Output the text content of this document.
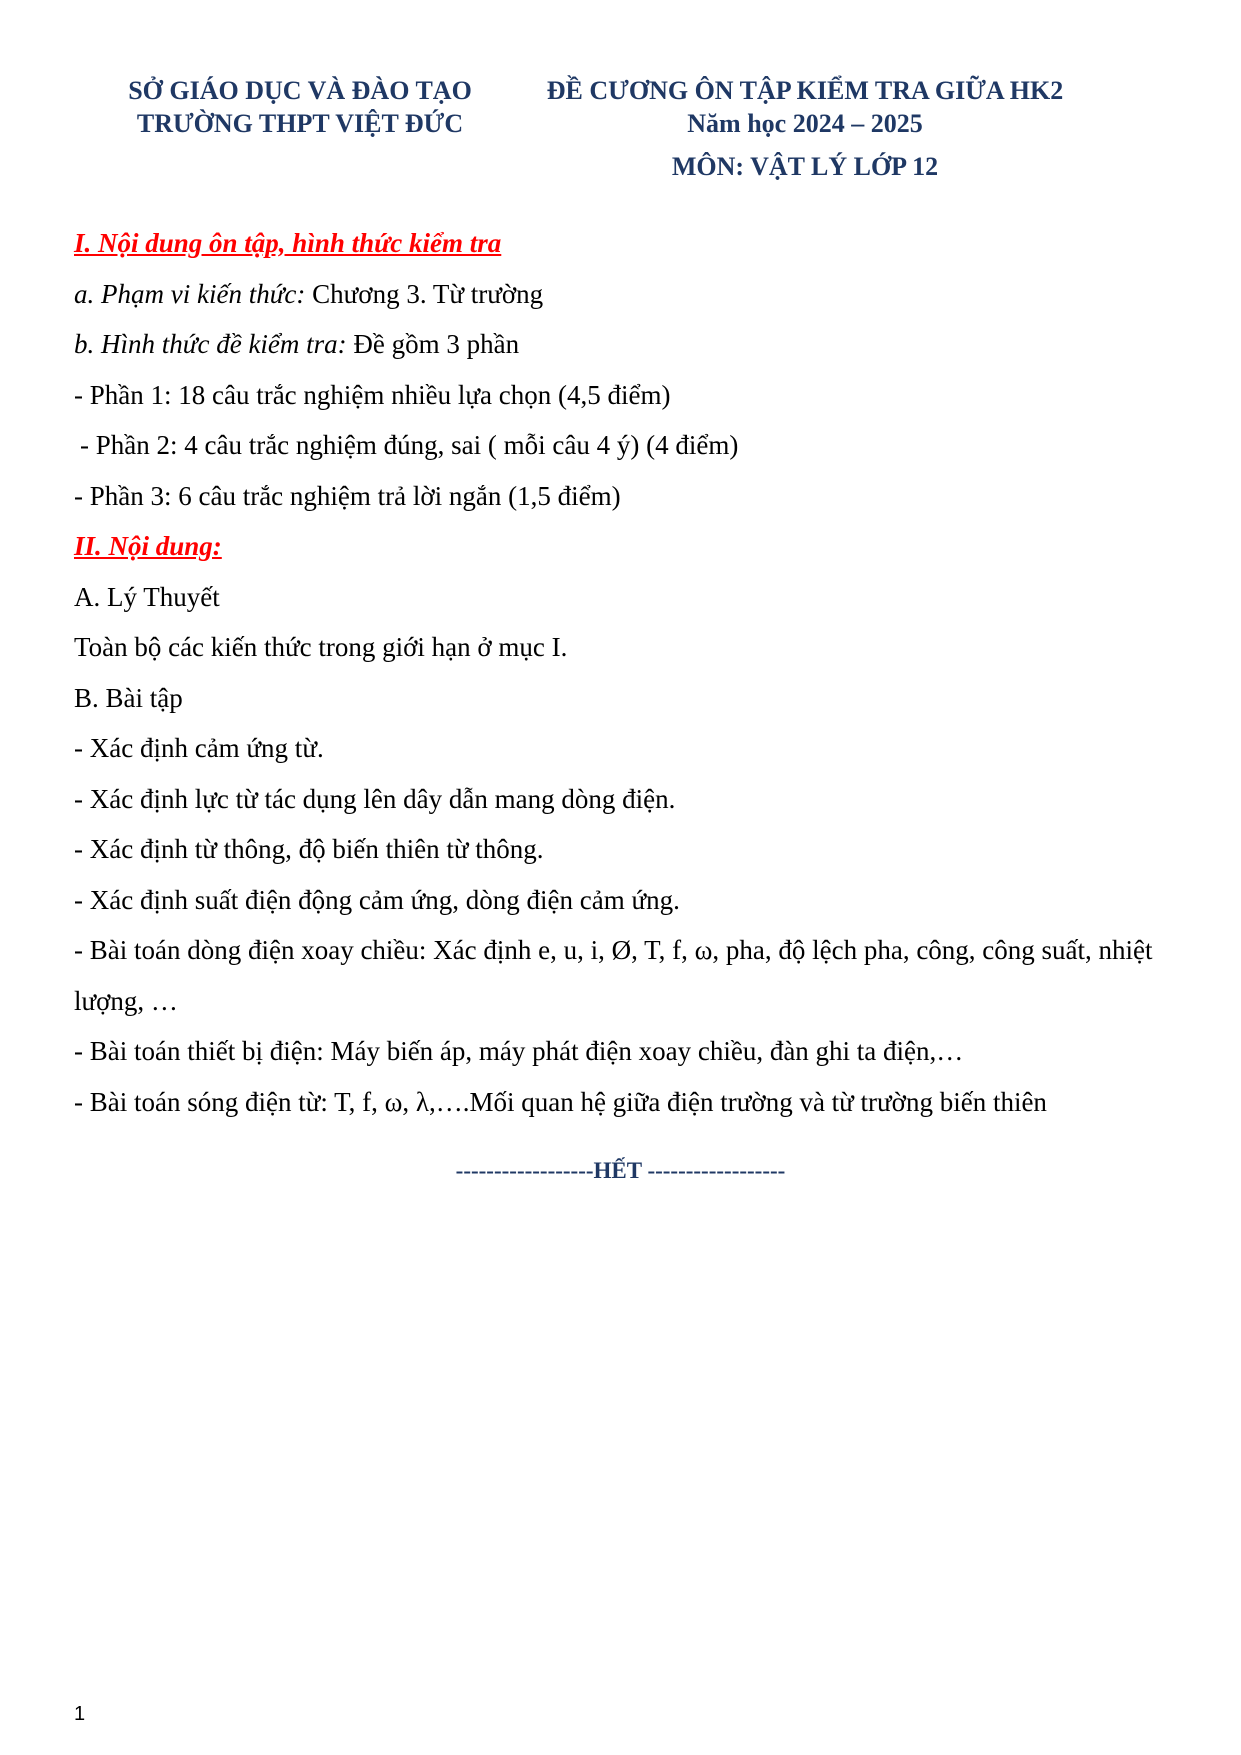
SỞ GIÁO DỤC VÀ ĐÀO TẠO
TRƯỜNG THPT VIỆT ĐỨC
ĐỀ CƯƠNG ÔN TẬP KIỂM TRA GIỮA HK2
Năm học 2024 – 2025
MÔN: VẬT LÝ LỚP 12
I. Nội dung ôn tập, hình thức kiểm tra
a. Phạm vi kiến thức: Chương 3. Từ trường
b. Hình thức đề kiểm tra: Đề gồm 3 phần
- Phần 1: 18 câu trắc nghiệm nhiều lựa chọn (4,5 điểm)
- Phần 2: 4 câu trắc nghiệm đúng, sai ( mỗi câu 4 ý) (4 điểm)
- Phần 3: 6 câu trắc nghiệm trả lời ngắn (1,5 điểm)
II. Nội dung:
A. Lý Thuyết
Toàn bộ các kiến thức trong giới hạn ở mục I.
B. Bài tập
- Xác định cảm ứng từ.
- Xác định lực từ tác dụng lên dây dẫn mang dòng điện.
- Xác định từ thông, độ biến thiên từ thông.
- Xác định suất điện động cảm ứng, dòng điện cảm ứng.
- Bài toán dòng điện xoay chiều: Xác định e, u, i, Ø, T, f, ω, pha, độ lệch pha, công, công suất, nhiệt lượng, …
- Bài toán thiết bị điện: Máy biến áp, máy phát điện xoay chiều, đàn ghi ta điện,…
- Bài toán sóng điện từ: T, f, ω, λ,….Mối quan hệ giữa điện trường và từ trường biến thiên
------------------HẾT ------------------
1
